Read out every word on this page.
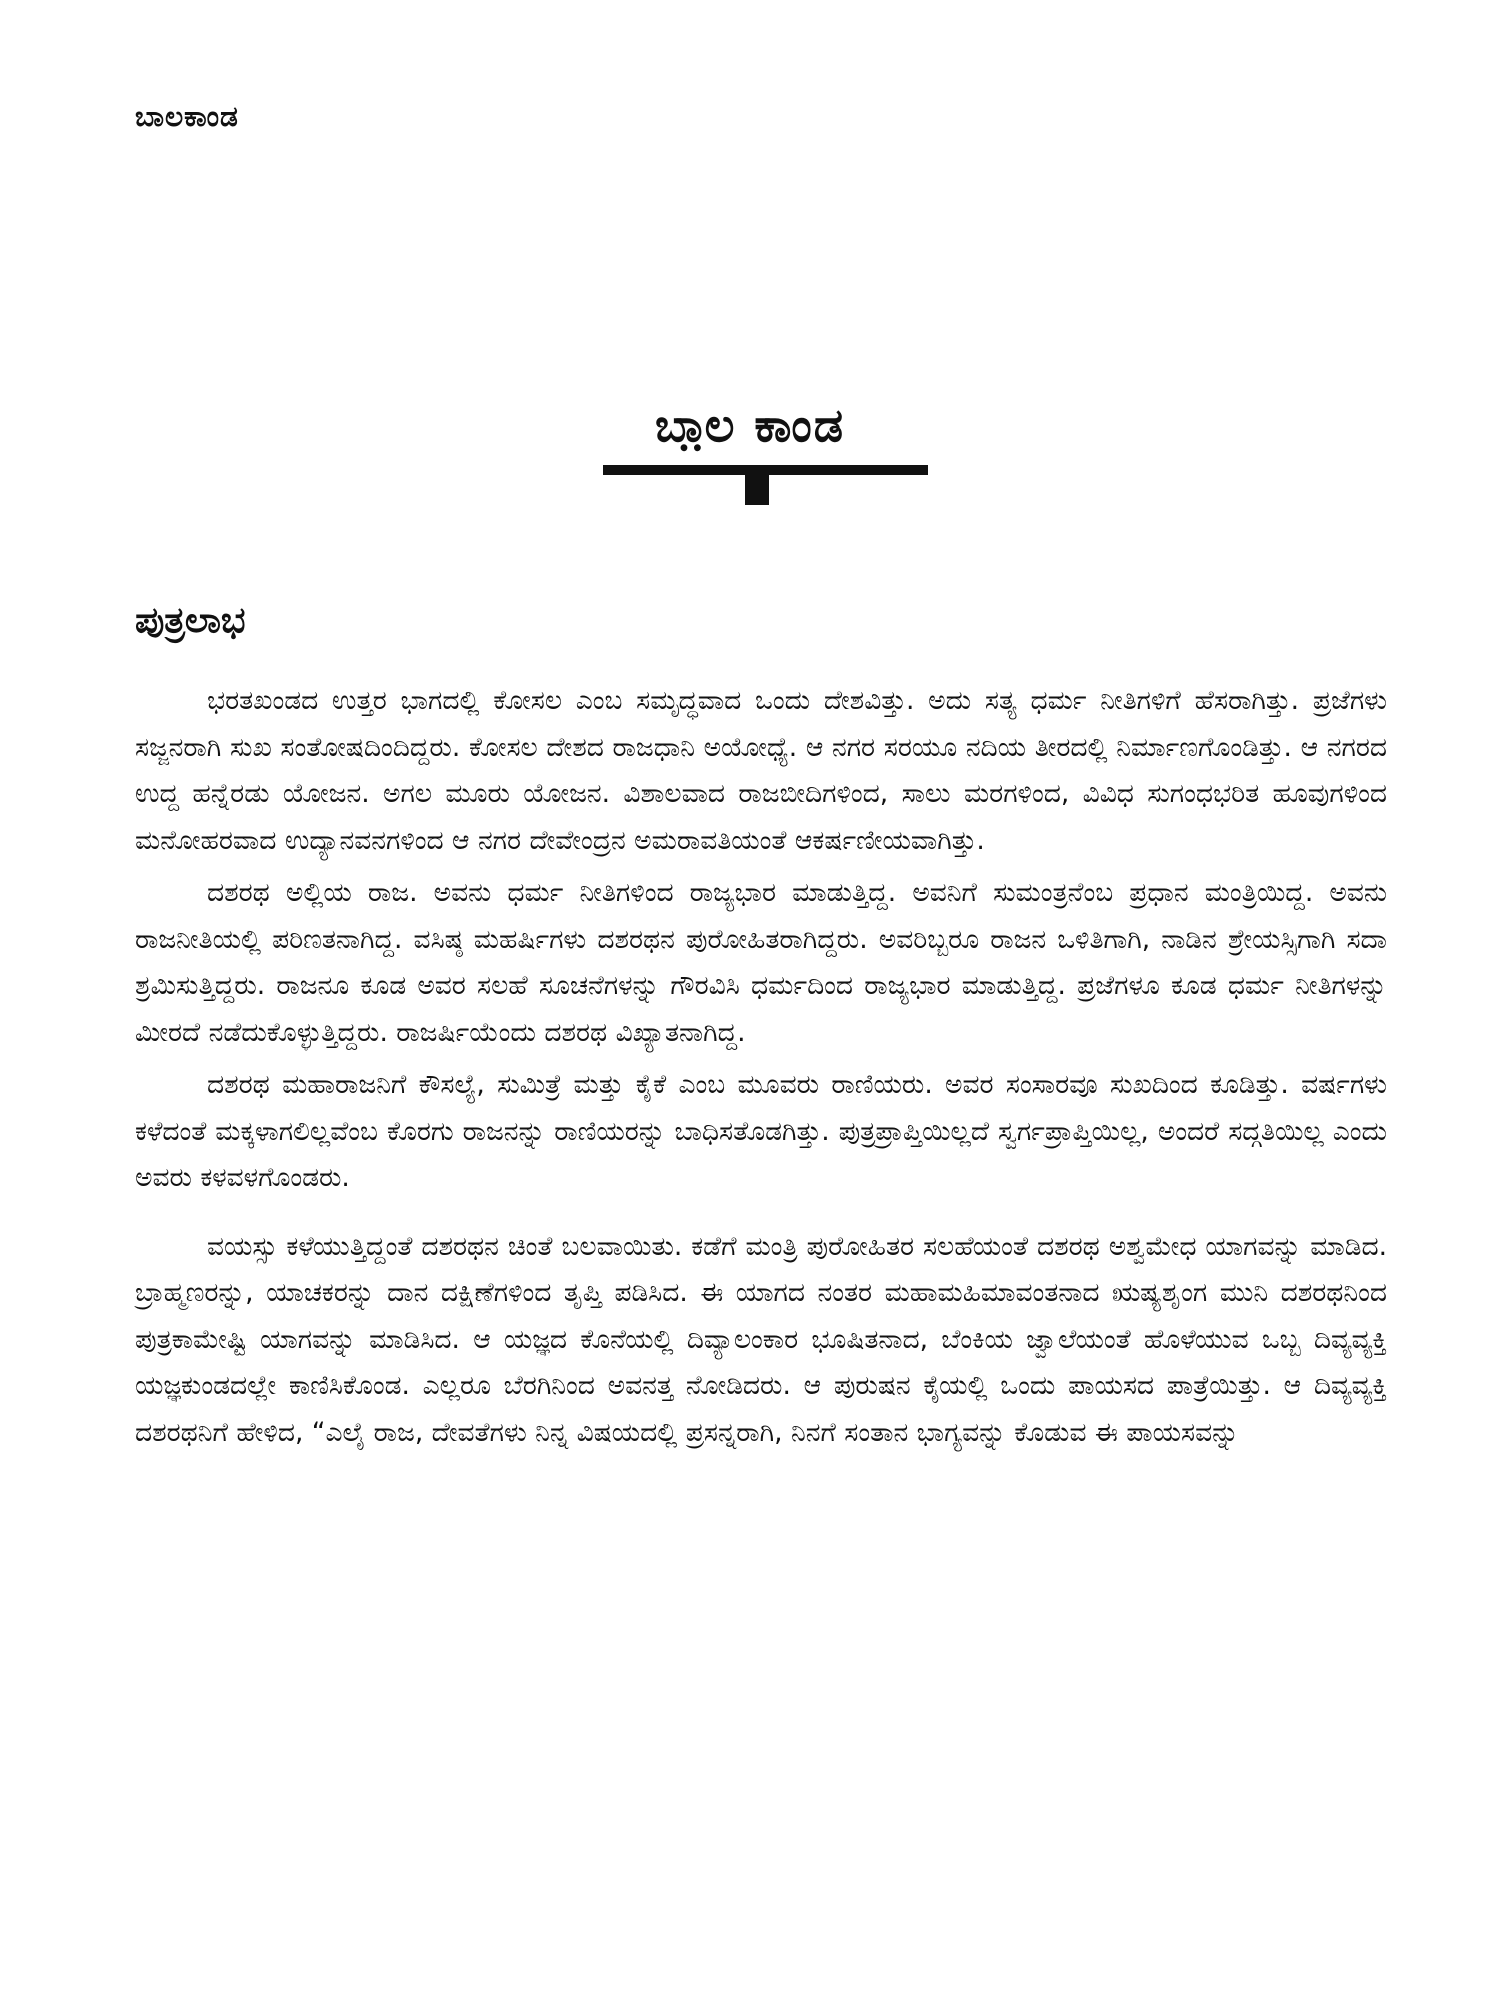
ಬಾಲಕಾಂಡ
ಬಾ಼ಲ ಕಾಂಡ
ಪುತ್ರಲಾಭ

ಭರತಖಂಡದ ಉತ್ತರ ಭಾಗದಲ್ಲಿ ಕೋಸಲ ಎಂಬ ಸಮೃದ್ಧವಾದ ಒಂದು ದೇಶವಿತ್ತು. ಅದು ಸತ್ಯ ಧರ್ಮ ನೀತಿಗಳಿಗೆ ಹೆಸರಾಗಿತ್ತು. ಪ್ರಜೆಗಳು ಸಜ್ಜನರಾಗಿ ಸುಖ ಸಂತೋಷದಿಂದಿದ್ದರು. ಕೋಸಲ ದೇಶದ ರಾಜಧಾನಿ ಅಯೋಧ್ಯೆ. ಆ ನಗರ ಸರಯೂ ನದಿಯ ತೀರದಲ್ಲಿ ನಿರ್ಮಾಣಗೊಂಡಿತ್ತು. ಆ ನಗರದ ಉದ್ದ ಹನ್ನೆರಡು ಯೋಜನ. ಅಗಲ ಮೂರು ಯೋಜನ. ವಿಶಾಲವಾದ ರಾಜಬೀದಿಗಳಿಂದ, ಸಾಲು ಮರಗಳಿಂದ, ವಿವಿಧ ಸುಗಂಧಭರಿತ ಹೂವುಗಳಿಂದ ಮನೋಹರವಾದ ಉದ್ಯಾನವನಗಳಿಂದ ಆ ನಗರ ದೇವೇಂದ್ರನ ಅಮರಾವತಿಯಂತೆ ಆಕರ್ಷಣೀಯವಾಗಿತ್ತು.

ದಶರಥ ಅಲ್ಲಿಯ ರಾಜ. ಅವನು ಧರ್ಮ ನೀತಿಗಳಿಂದ ರಾಜ್ಯಭಾರ ಮಾಡುತ್ತಿದ್ದ. ಅವನಿಗೆ ಸುಮಂತ್ರನೆಂಬ ಪ್ರಧಾನ ಮಂತ್ರಿಯಿದ್ದ. ಅವನು ರಾಜನೀತಿಯಲ್ಲಿ ಪರಿಣತನಾಗಿದ್ದ. ವಸಿಷ್ಠ ಮಹರ್ಷಿಗಳು ದಶರಥನ ಪುರೋಹಿತರಾಗಿದ್ದರು. ಅವರಿಬ್ಬರೂ ರಾಜನ ಒಳಿತಿಗಾಗಿ, ನಾಡಿನ ಶ್ರೇಯಸ್ಸಿಗಾಗಿ ಸದಾ ಶ್ರಮಿಸುತ್ತಿದ್ದರು. ರಾಜನೂ ಕೂಡ ಅವರ ಸಲಹೆ ಸೂಚನೆಗಳನ್ನು ಗೌರವಿಸಿ ಧರ್ಮದಿಂದ ರಾಜ್ಯಭಾರ ಮಾಡುತ್ತಿದ್ದ. ಪ್ರಜೆಗಳೂ ಕೂಡ ಧರ್ಮ ನೀತಿಗಳನ್ನು ಮೀರದೆ ನಡೆದುಕೊಳ್ಳುತ್ತಿದ್ದರು. ರಾಜರ್ಷಿಯೆಂದು ದಶರಥ ವಿಖ್ಯಾತನಾಗಿದ್ದ.

ದಶರಥ ಮಹಾರಾಜನಿಗೆ ಕೌಸಲ್ಯೆ, ಸುಮಿತ್ರೆ ಮತ್ತು ಕೈಕೆ ಎಂಬ ಮೂವರು ರಾಣಿಯರು. ಅವರ ಸಂಸಾರವೂ ಸುಖದಿಂದ ಕೂಡಿತ್ತು. ವರ್ಷಗಳು ಕಳೆದಂತೆ ಮಕ್ಕಳಾಗಲಿಲ್ಲವೆಂಬ ಕೊರಗು ರಾಜನನ್ನು ರಾಣಿಯರನ್ನು ಬಾಧಿಸತೊಡಗಿತ್ತು. ಪುತ್ರಪ್ರಾಪ್ತಿಯಿಲ್ಲದೆ ಸ್ವರ್ಗಪ್ರಾಪ್ತಿಯಿಲ್ಲ, ಅಂದರೆ ಸದ್ಗತಿಯಿಲ್ಲ ಎಂದು ಅವರು ಕಳವಳಗೊಂಡರು.

ವಯಸ್ಸು ಕಳೆಯುತ್ತಿದ್ದಂತೆ ದಶರಥನ ಚಿಂತೆ ಬಲವಾಯಿತು. ಕಡೆಗೆ ಮಂತ್ರಿ ಪುರೋಹಿತರ ಸಲಹೆಯಂತೆ ದಶರಥ ಅಶ್ವಮೇಧ ಯಾಗವನ್ನು ಮಾಡಿದ. ಬ್ರಾಹ್ಮಣರನ್ನು, ಯಾಚಕರನ್ನು ದಾನ ದಕ್ಷಿಣೆಗಳಿಂದ ತೃಪ್ತಿ ಪಡಿಸಿದ. ಈ ಯಾಗದ ನಂತರ ಮಹಾಮಹಿಮಾವಂತನಾದ ಋಷ್ಯಶೃಂಗ ಮುನಿ ದಶರಥನಿಂದ ಪುತ್ರಕಾಮೇಷ್ಟಿ ಯಾಗವನ್ನು ಮಾಡಿಸಿದ. ಆ ಯಜ್ಞದ ಕೊನೆಯಲ್ಲಿ ದಿವ್ಯಾಲಂಕಾರ ಭೂಷಿತನಾದ, ಬೆಂಕಿಯ ಜ್ವಾಲೆಯಂತೆ ಹೊಳೆಯುವ ಒಬ್ಬ ದಿವ್ಯವ್ಯಕ್ತಿ ಯಜ್ಞಕುಂಡದಲ್ಲೇ ಕಾಣಿಸಿಕೊಂಡ. ಎಲ್ಲರೂ ಬೆರಗಿನಿಂದ ಅವನತ್ತ ನೋಡಿದರು. ಆ ಪುರುಷನ ಕೈಯಲ್ಲಿ ಒಂದು ಪಾಯಸದ ಪಾತ್ರೆಯಿತ್ತು. ಆ ದಿವ್ಯವ್ಯಕ್ತಿ ದಶರಥನಿಗೆ ಹೇಳಿದ, “ಎಲೈ ರಾಜ, ದೇವತೆಗಳು ನಿನ್ನ ವಿಷಯದಲ್ಲಿ ಪ್ರಸನ್ನರಾಗಿ, ನಿನಗೆ ಸಂತಾನ ಭಾಗ್ಯವನ್ನು ಕೊಡುವ ಈ ಪಾಯಸವನ್ನು
